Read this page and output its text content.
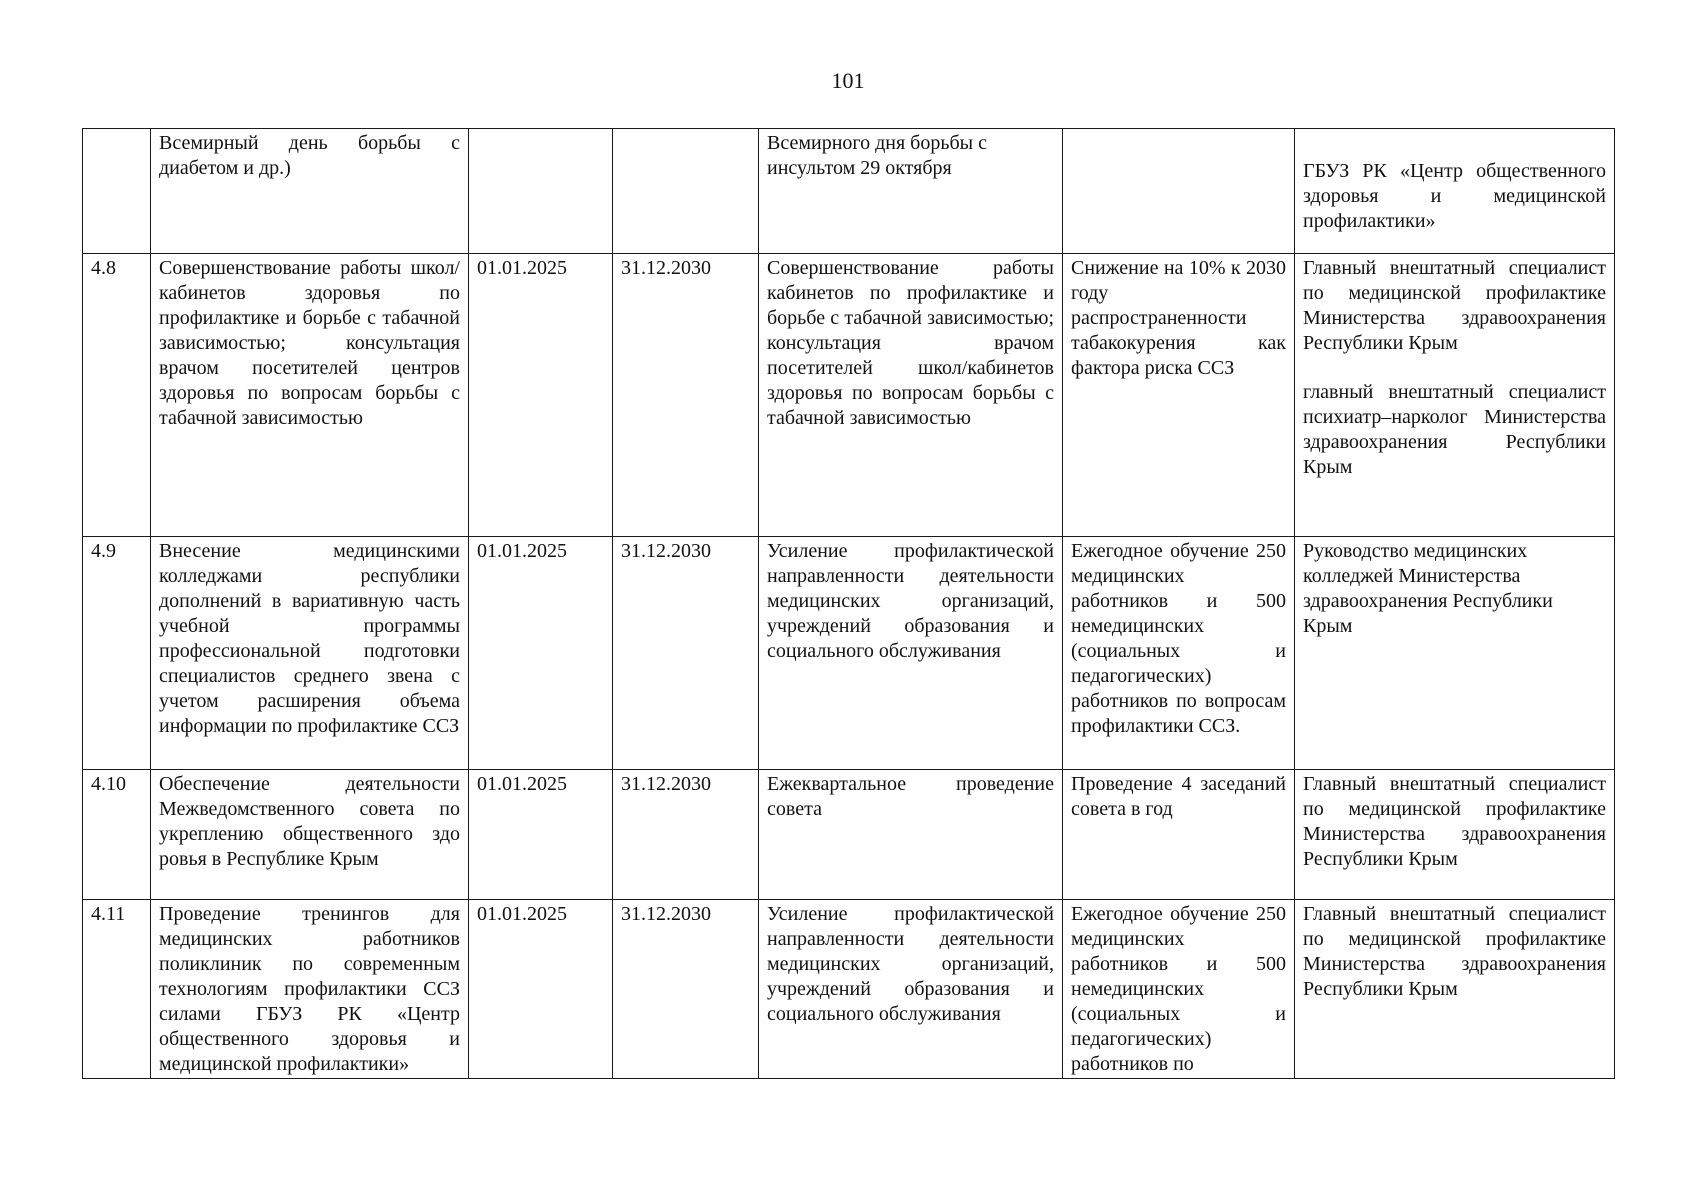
101
	Всемирный день борьбы с диабетом и др.)			Всемирного дня борьбы с инсультом 29 октября		ГБУЗ РК «Центр общественного здоровья и медицинской профилактики»

4.8	Совершенствование работы школ/кабинетов здоровья по профилактике и борьбе с табачной зависимостью; консультация врачом посетителей центров здоровья по вопросам борьбы с табачной зависимостью	01.01.2025	31.12.2030	Совершенствование работы кабинетов по профилактике и борьбе с табачной зависимостью; консультация врачом посетителей школ/кабинетов здоровья по вопросам борьбы с табачной зависимостью	Снижение на 10% к 2030 году распространенности табакокурения как фактора риска ССЗ	Главный внештатный специалист по медицинской профилактике Министерства здравоохранения Республики Крым
главный внештатный специалист психиатр–нарколог Министерства здравоохранения Республики Крым

4.9	Внесение медицинскими колледжами республики дополнений в вариативную часть учебной программы профессиональной подготовки специалистов среднего звена с учетом расширения объема информации по профилактике ССЗ	01.01.2025	31.12.2030	Усиление профилактической направленности деятельности медицинских организаций, учреждений образования и социального обслуживания	Ежегодное обучение 250 медицинских работников и 500 немедицинских (социальных и педагогических) работников по вопросам профилактики ССЗ.	Руководство медицинских колледжей Министерства здравоохранения Республики Крым
4.10	Обеспечение деятельности Межведомственного совета по укреплению общественного здо ровья в Республике Крым	01.01.2025	31.12.2030	Ежеквартальное проведение совета	Проведение 4 заседаний совета в год	Главный внештатный специалист по медицинской профилактике Министерства здравоохранения Республики Крым
4.11	Проведение тренингов для медицинских работников поликлиник по современным технологиям профилактики ССЗ силами ГБУЗ РК «Центр общественного здоровья и медицинской профилактики»	01.01.2025	31.12.2030	Усиление профилактической направленности деятельности медицинских организаций, учреждений образования и социального обслуживания	Ежегодное обучение 250 медицинских работников и 500 немедицинских (социальных и педагогических) работников по	Главный внештатный специалист по медицинской профилактике Министерства здравоохранения Республики Крым
